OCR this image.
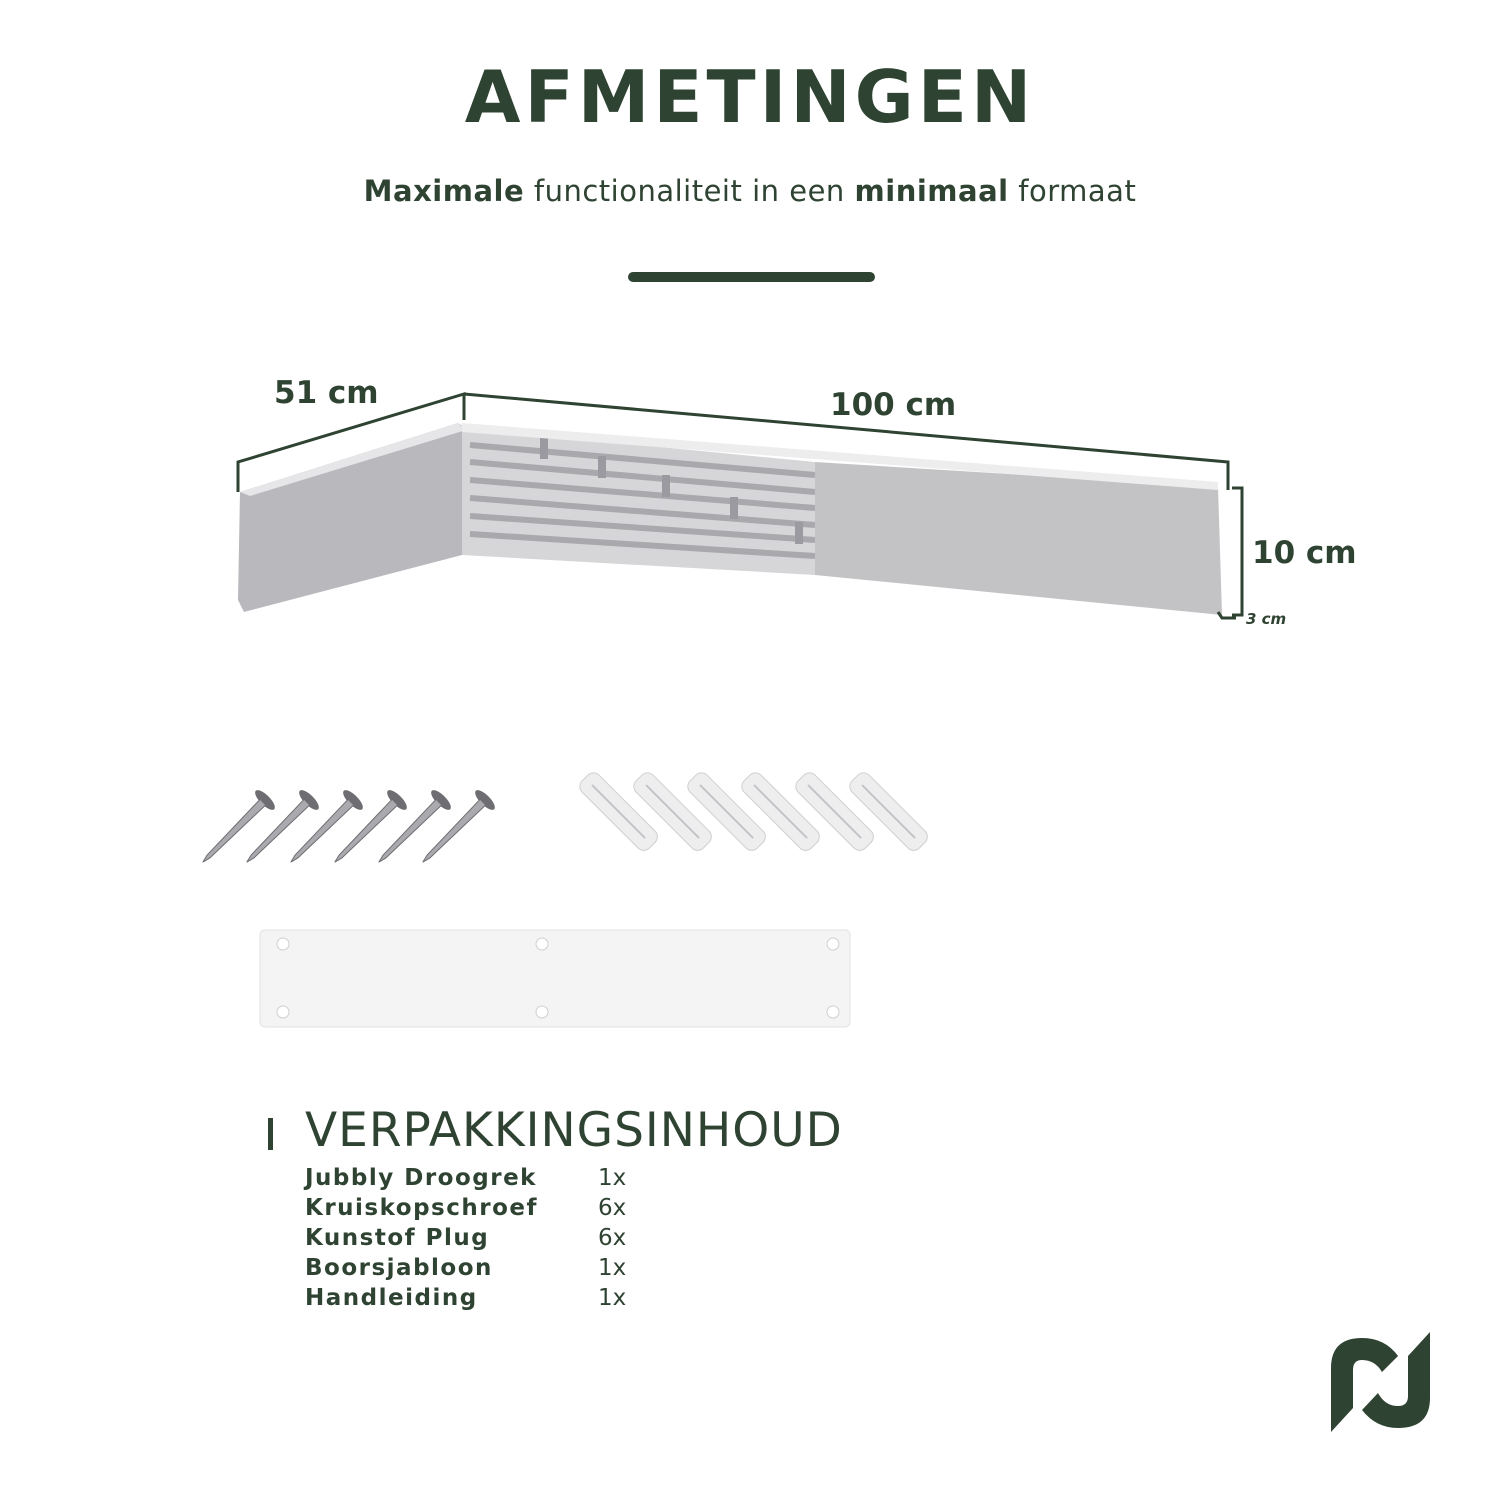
AFMETINGEN
Maximale functionaliteit in een minimaal formaat
51 cm	100 cm
10 cm
3 cm
VERPAKKINGSINHOUD
Jubbly Droogrek	1x
Kruiskopschroef	6x
Kunstof Plug	6x
Boorsjabloon	1x
Handleiding	1x
